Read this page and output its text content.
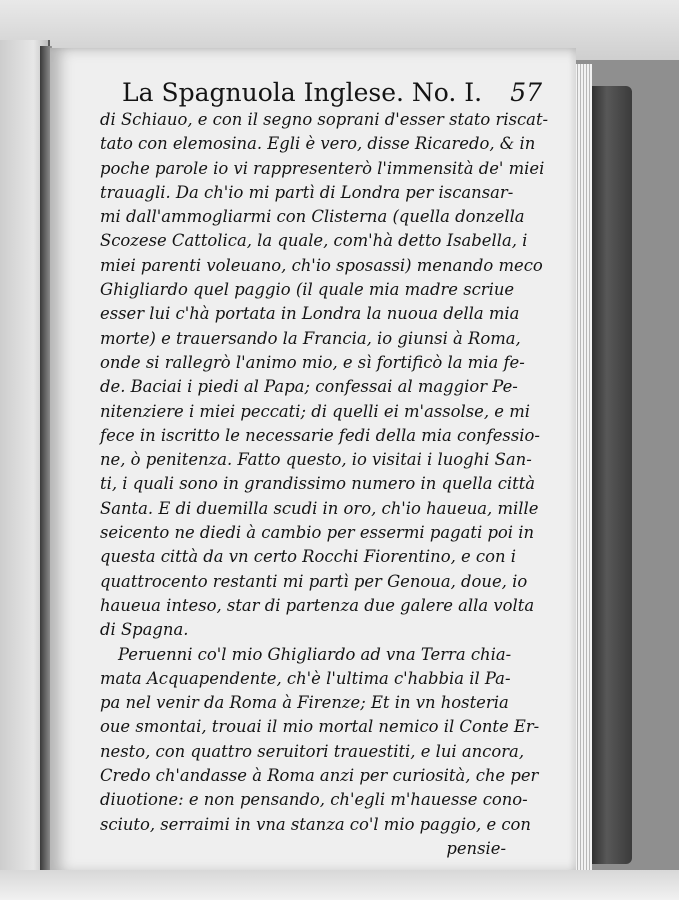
La Spagnuola Inglese. No. I. 57
di Schiauo, e con il segno soprani d'esser stato riscat-
tato con elemosina. Egli è vero, disse Ricaredo, & in
poche parole io vi rappresenterò l'immensità de' miei
trauagli. Da ch'io mi partì di Londra per iscansar-
mi dall'ammogliarmi con Clisterna (quella donzella
Scozese Cattolica, la quale, com'hà detto Isabella, i
miei parenti voleuano, ch'io sposassi) menando meco
Ghigliardo quel paggio (il quale mia madre scriue
esser lui c'hà portata in Londra la nuoua della mia
morte) e trauersando la Francia, io giunsi à Roma,
onde si rallegrò l'animo mio, e sì fortificò la mia fe-
de. Baciai i piedi al Papa; confessai al maggior Pe-
nitenziere i miei peccati; di quelli ei m'assolse, e mi
fece in iscritto le necessarie fedi della mia confessio-
ne, ò penitenza. Fatto questo, io visitai i luoghi San-
ti, i quali sono in grandissimo numero in quella città
Santa. E di duemilla scudi in oro, ch'io haueua, mille
seicento ne diedi à cambio per essermi pagati poi in
questa città da vn certo Rocchi Fiorentino, e con i
quattrocento restanti mi partì per Genoua, doue, io
haueua inteso, star di partenza due galere alla volta
di Spagna.
Peruenni co'l mio Ghigliardo ad vna Terra chia-
mata Acquapendente, ch'è l'ultima c'habbia il Pa-
pa nel venir da Roma à Firenze; Et in vn hosteria
oue smontai, trouai il mio mortal nemico il Conte Er-
nesto, con quattro seruitori trauestiti, e lui ancora,
Credo ch'andasse à Roma anzi per curiosità, che per
diuotione: e non pensando, ch'egli m'hauesse cono-
sciuto, serraimi in vna stanza co'l mio paggio, e con
pensie-
